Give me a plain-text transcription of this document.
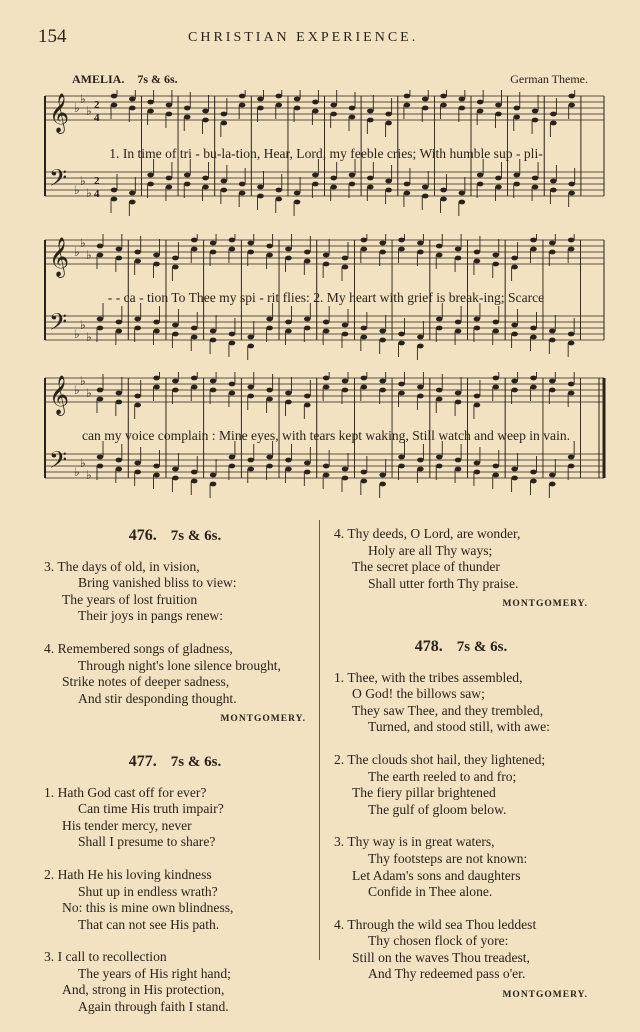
154	CHRISTIAN EXPERIENCE.
AMELIA. 7s & 6s.	German Theme.
𝄞 ♭
♭
♭ 2
4
𝄢 ♭
♭
♭
2
4
1. In time of tri - bu-la-tion, Hear, Lord, my feeble cries; With humble sup - pli-
𝄞 ♭
♭
♭
𝄢 ♭
♭
♭
- - ca - tion To Thee my spi - rit flies: 2. My heart with grief is break-ing; Scarce
𝄞 ♭
♭
♭
𝄢 ♭
♭
♭
can my voice complain : Mine eyes, with tears kept waking, Still watch and weep in vain.
476. 7s & 6s.
3. The days of old, in vision,
Bring vanished bliss to view:
The years of lost fruition
Their joys in pangs renew:
4. Remembered songs of gladness,
Through night's lone silence brought,
Strike notes of deeper sadness,
And stir desponding thought.
MONTGOMERY.
477. 7s & 6s.
1. Hath God cast off for ever?
Can time His truth impair?
His tender mercy, never
Shall I presume to share?
2. Hath He his loving kindness
Shut up in endless wrath?
No: this is mine own blindness,
That can not see His path.
3. I call to recollection
The years of His right hand;
And, strong in His protection,
Again through faith I stand.
4. Thy deeds, O Lord, are wonder,
Holy are all Thy ways;
The secret place of thunder
Shall utter forth Thy praise.
MONTGOMERY.
478. 7s & 6s.
1. Thee, with the tribes assembled,
O God! the billows saw;
They saw Thee, and they trembled,
Turned, and stood still, with awe:
2. The clouds shot hail, they lightened;
The earth reeled to and fro;
The fiery pillar brightened
The gulf of gloom below.
3. Thy way is in great waters,
Thy footsteps are not known:
Let Adam's sons and daughters
Confide in Thee alone.
4. Through the wild sea Thou leddest
Thy chosen flock of yore:
Still on the waves Thou treadest,
And Thy redeemed pass o'er.
MONTGOMERY.
